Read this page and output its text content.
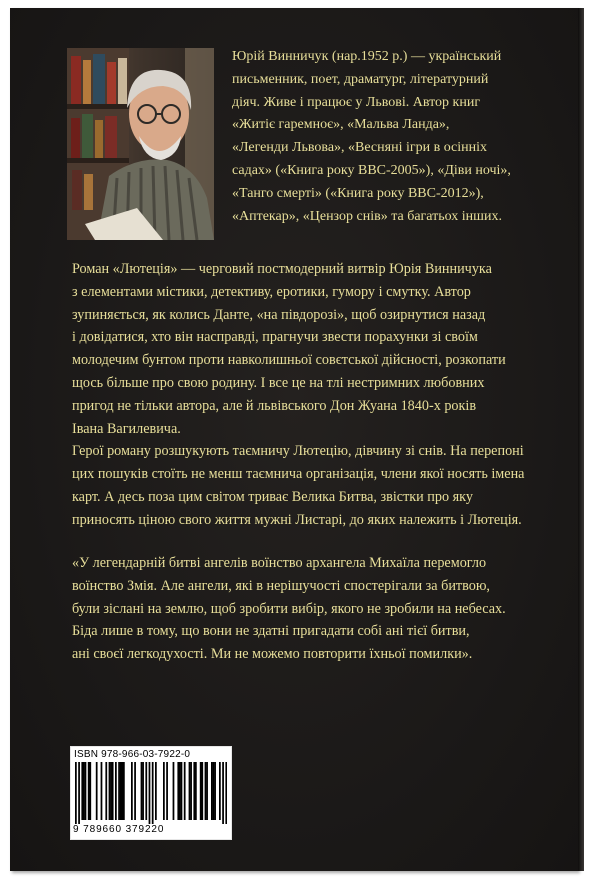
Юрій Винничук (нар.1952 р.) — український
письменник, поет, драматург, літературний
діяч. Живе і працює у Львові. Автор книг
«Житіє гаремноє», «Мальва Ланда»,
«Легенди Львова», «Весняні ігри в осінніх
садах» («Книга року ВВС-2005»), «Діви ночі»,
«Танго смерті» («Книга року ВВС-2012»),
«Аптекар», «Цензор снів» та багатьох інших.
Роман «Лютеція» — черговий постмодерний витвір Юрія Винничука
з елементами містики, детективу, еротики, гумору і смутку. Автор
зупиняється, як колись Данте, «на півдорозі», щоб озирнутися назад
і довідатися, хто він насправді, прагнучи звести порахунки зі своїм
молодечим бунтом проти навколишньої совєтської дійсності, розкопати
щось більше про свою родину. І все це на тлі нестримних любовних
пригод не тільки автора, але й львівського Дон Жуана 1840-х років
Івана Вагилевича.
Герої роману розшукують таємничу Лютецію, дівчину зі снів. На перепоні
цих пошуків стоїть не менш таємнича організація, члени якої носять імена
карт. А десь поза цим світом триває Велика Битва, звістки про яку
приносять ціною свого життя мужні Листарі, до яких належить і Лютеція.
«У легендарній битві ангелів воїнство архангела Михаїла перемогло
воїнство Змія. Але ангели, які в нерішучості спостерігали за битвою,
були зіслані на землю, щоб зробити вибір, якого не зробили на небесах.
Біда лише в тому, що вони не здатні пригадати собі ані тієї битви,
ані своєї легкодухості. Ми не можемо повторити їхньої помилки».
ISBN 978-966-03-7922-0
9 789660 379220
